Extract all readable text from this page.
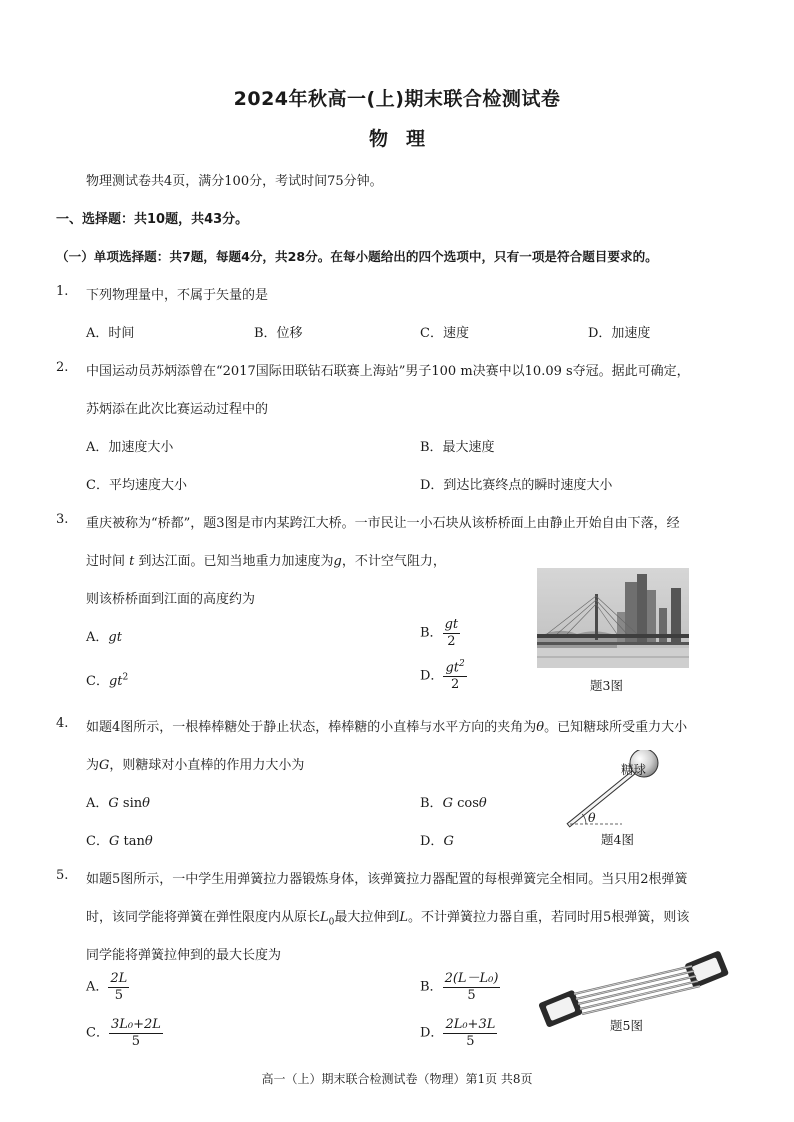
2024年秋高一(上)期末联合检测试卷
物理
物理测试卷共4页，满分100分，考试时间75分钟。
一、选择题：共10题，共43分。
（一）单项选择题：共7题，每题4分，共28分。在每小题给出的四个选项中，只有一项是符合题目要求的。
1. 下列物理量中，不属于矢量的是
A．时间	B．位移	C．速度	D．加速度
2. 中国运动员苏炳添曾在“2017国际田联钻石联赛上海站”男子100 m决赛中以10.09 s夺冠。据此可确定，
苏炳添在此次比赛运动过程中的
A．加速度大小	B．最大速度
C．平均速度大小	D．到达比赛终点的瞬时速度大小
3. 重庆被称为“桥都”，题3图是市内某跨江大桥。一市民让一小石块从该桥桥面上由静止开始自由下落，经
过时间 t 到达江面。已知当地重力加速度为g，不计空气阻力，
则该桥桥面到江面的高度约为
A．gt	B． $\frac{gt}{2}$
C．$gt^2$	D． $\frac{gt^2}{2}$	题3图
4. 如题4图所示，一根棒棒糖处于静止状态，棒棒糖的小直棒与水平方向的夹角为θ。已知糖球所受重力大小
为G，则糖球对小直棒的作用力大小为
A．G sinθ	B．G cosθ
C．G tanθ	D．G
糖球
θ
题4图
5. 如题5图所示，一中学生用弹簧拉力器锻炼身体，该弹簧拉力器配置的每根弹簧完全相同。当只用2根弹簧
时，该同学能将弹簧在弹性限度内从原长$L_0$最大拉伸到L。不计弹簧拉力器自重，若同时用5根弹簧，则该
同学能将弹簧拉伸到的最大长度为
A． $\frac{2L}{5}$	B． $\frac{\text{2(L－L₀)}}{5}$
C． $\frac{\text{3L₀+2L}}{5}$	D． $\frac{\text{2L₀+3L}}{5}$	题5图
高一（上）期末联合检测试卷（物理）第1页 共8页
